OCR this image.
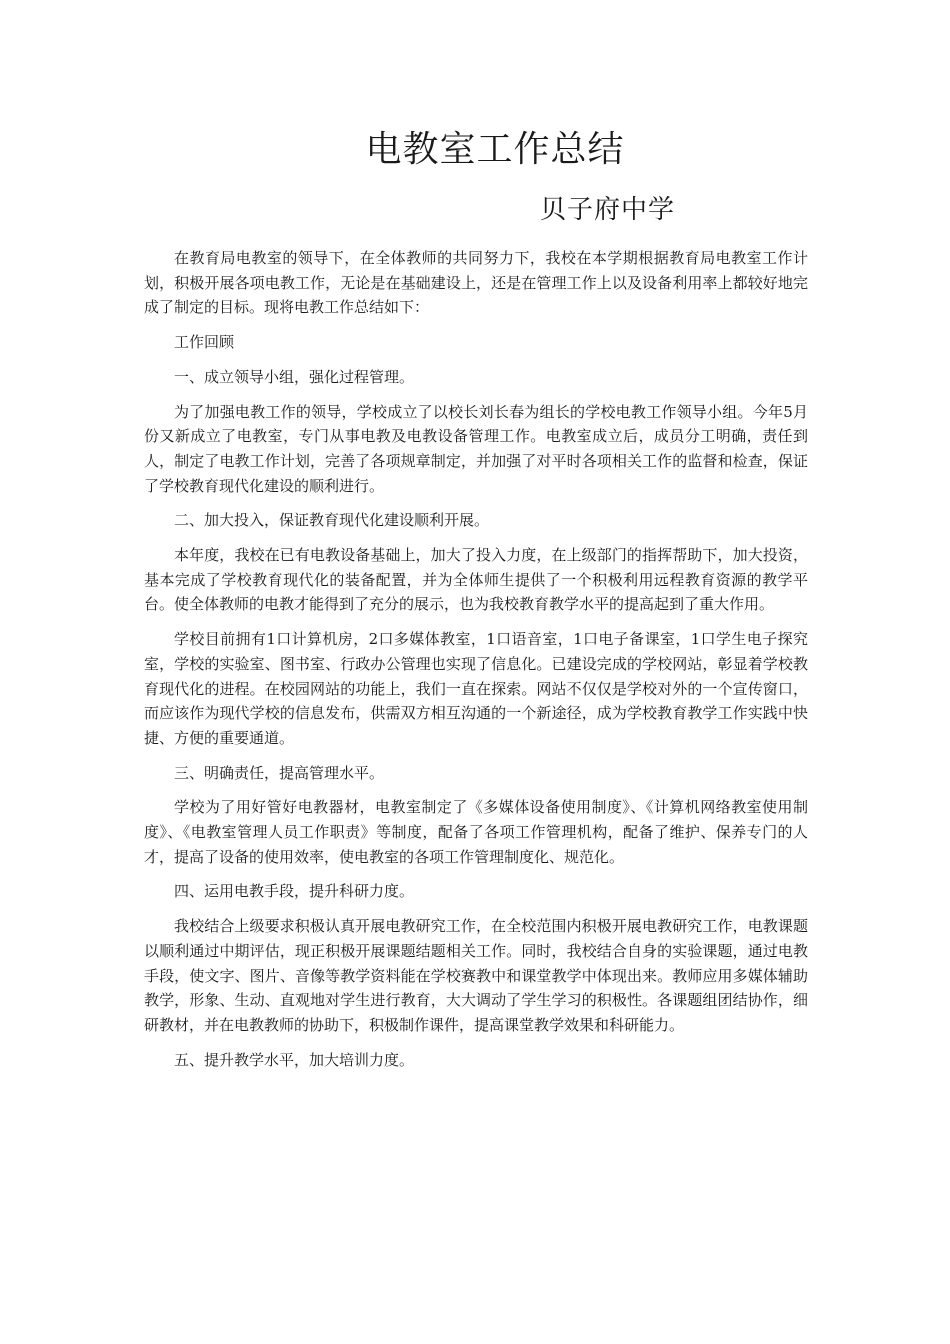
电教室工作总结
贝子府中学

在教育局电教室的领导下，在全体教师的共同努力下，我校在本学期根据教育局电教室工作计划，积极开展各项电教工作，无论是在基础建设上，还是在管理工作上以及设备利用率上都较好地完成了制定的目标。现将电教工作总结如下：

工作回顾

一、成立领导小组，强化过程管理。

为了加强电教工作的领导，学校成立了以校长刘长春为组长的学校电教工作领导小组。今年5月份又新成立了电教室，专门从事电教及电教设备管理工作。电教室成立后，成员分工明确，责任到人，制定了电教工作计划，完善了各项规章制定，并加强了对平时各项相关工作的监督和检查，保证了学校教育现代化建设的顺利进行。

二、加大投入，保证教育现代化建设顺利开展。

本年度，我校在已有电教设备基础上，加大了投入力度，在上级部门的指挥帮助下，加大投资，基本完成了学校教育现代化的装备配置，并为全体师生提供了一个积极利用远程教育资源的教学平台。使全体教师的电教才能得到了充分的展示，也为我校教育教学水平的提高起到了重大作用。

学校目前拥有1口计算机房，2口多媒体教室，1口语音室，1口电子备课室，1口学生电子探究室，学校的实验室、图书室、行政办公管理也实现了信息化。已建设完成的学校网站，彰显着学校教育现代化的进程。在校园网站的功能上，我们一直在探索。网站不仅仅是学校对外的一个宣传窗口，而应该作为现代学校的信息发布，供需双方相互沟通的一个新途径，成为学校教育教学工作实践中快捷、方便的重要通道。

三、明确责任，提高管理水平。

学校为了用好管好电教器材，电教室制定了《多媒体设备使用制度》、《计算机网络教室使用制度》、《电教室管理人员工作职责》等制度，配备了各项工作管理机构，配备了维护、保养专门的人才，提高了设备的使用效率，使电教室的各项工作管理制度化、规范化。

四、运用电教手段，提升科研力度。

我校结合上级要求积极认真开展电教研究工作，在全校范围内积极开展电教研究工作，电教课题以顺利通过中期评估，现正积极开展课题结题相关工作。同时，我校结合自身的实验课题，通过电教手段，使文字、图片、音像等教学资料能在学校赛教中和课堂教学中体现出来。教师应用多媒体辅助教学，形象、生动、直观地对学生进行教育，大大调动了学生学习的积极性。各课题组团结协作，细研教材，并在电教教师的协助下，积极制作课件，提高课堂教学效果和科研能力。

五、提升教学水平，加大培训力度。
